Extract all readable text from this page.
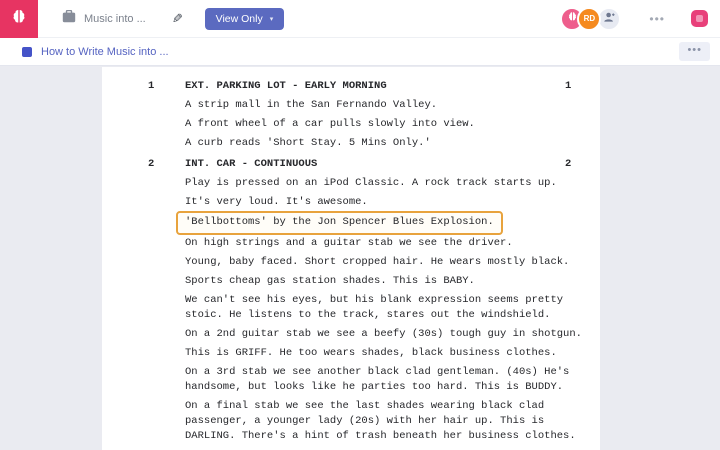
Music into ... ✎	View Only ▾	RD	•••
How to Write Music into ...	•••
1	EXT. PARKING LOT - EARLY MORNING	1
A strip mall in the San Fernando Valley.
A front wheel of a car pulls slowly into view.
A curb reads 'Short Stay. 5 Mins Only.'
2	INT. CAR - CONTINUOUS	2
Play is pressed on an iPod Classic. A rock track starts up.
It's very loud. It's awesome.
'Bellbottoms' by the Jon Spencer Blues Explosion.
On high strings and a guitar stab we see the driver.
Young, baby faced. Short cropped hair. He wears mostly black.
Sports cheap gas station shades. This is BABY.
We can't see his eyes, but his blank expression seems pretty stoic. He listens to the track, stares out the windshield.
On a 2nd guitar stab we see a beefy (30s) tough guy in shotgun.
This is GRIFF. He too wears shades, black business clothes.
On a 3rd stab we see another black clad gentleman. (40s) He's handsome, but looks like he parties too hard. This is BUDDY.
On a final stab we see the last shades wearing black clad passenger, a younger lady (20s) with her hair up. This is DARLING. There's a hint of trash beneath her business clothes.
